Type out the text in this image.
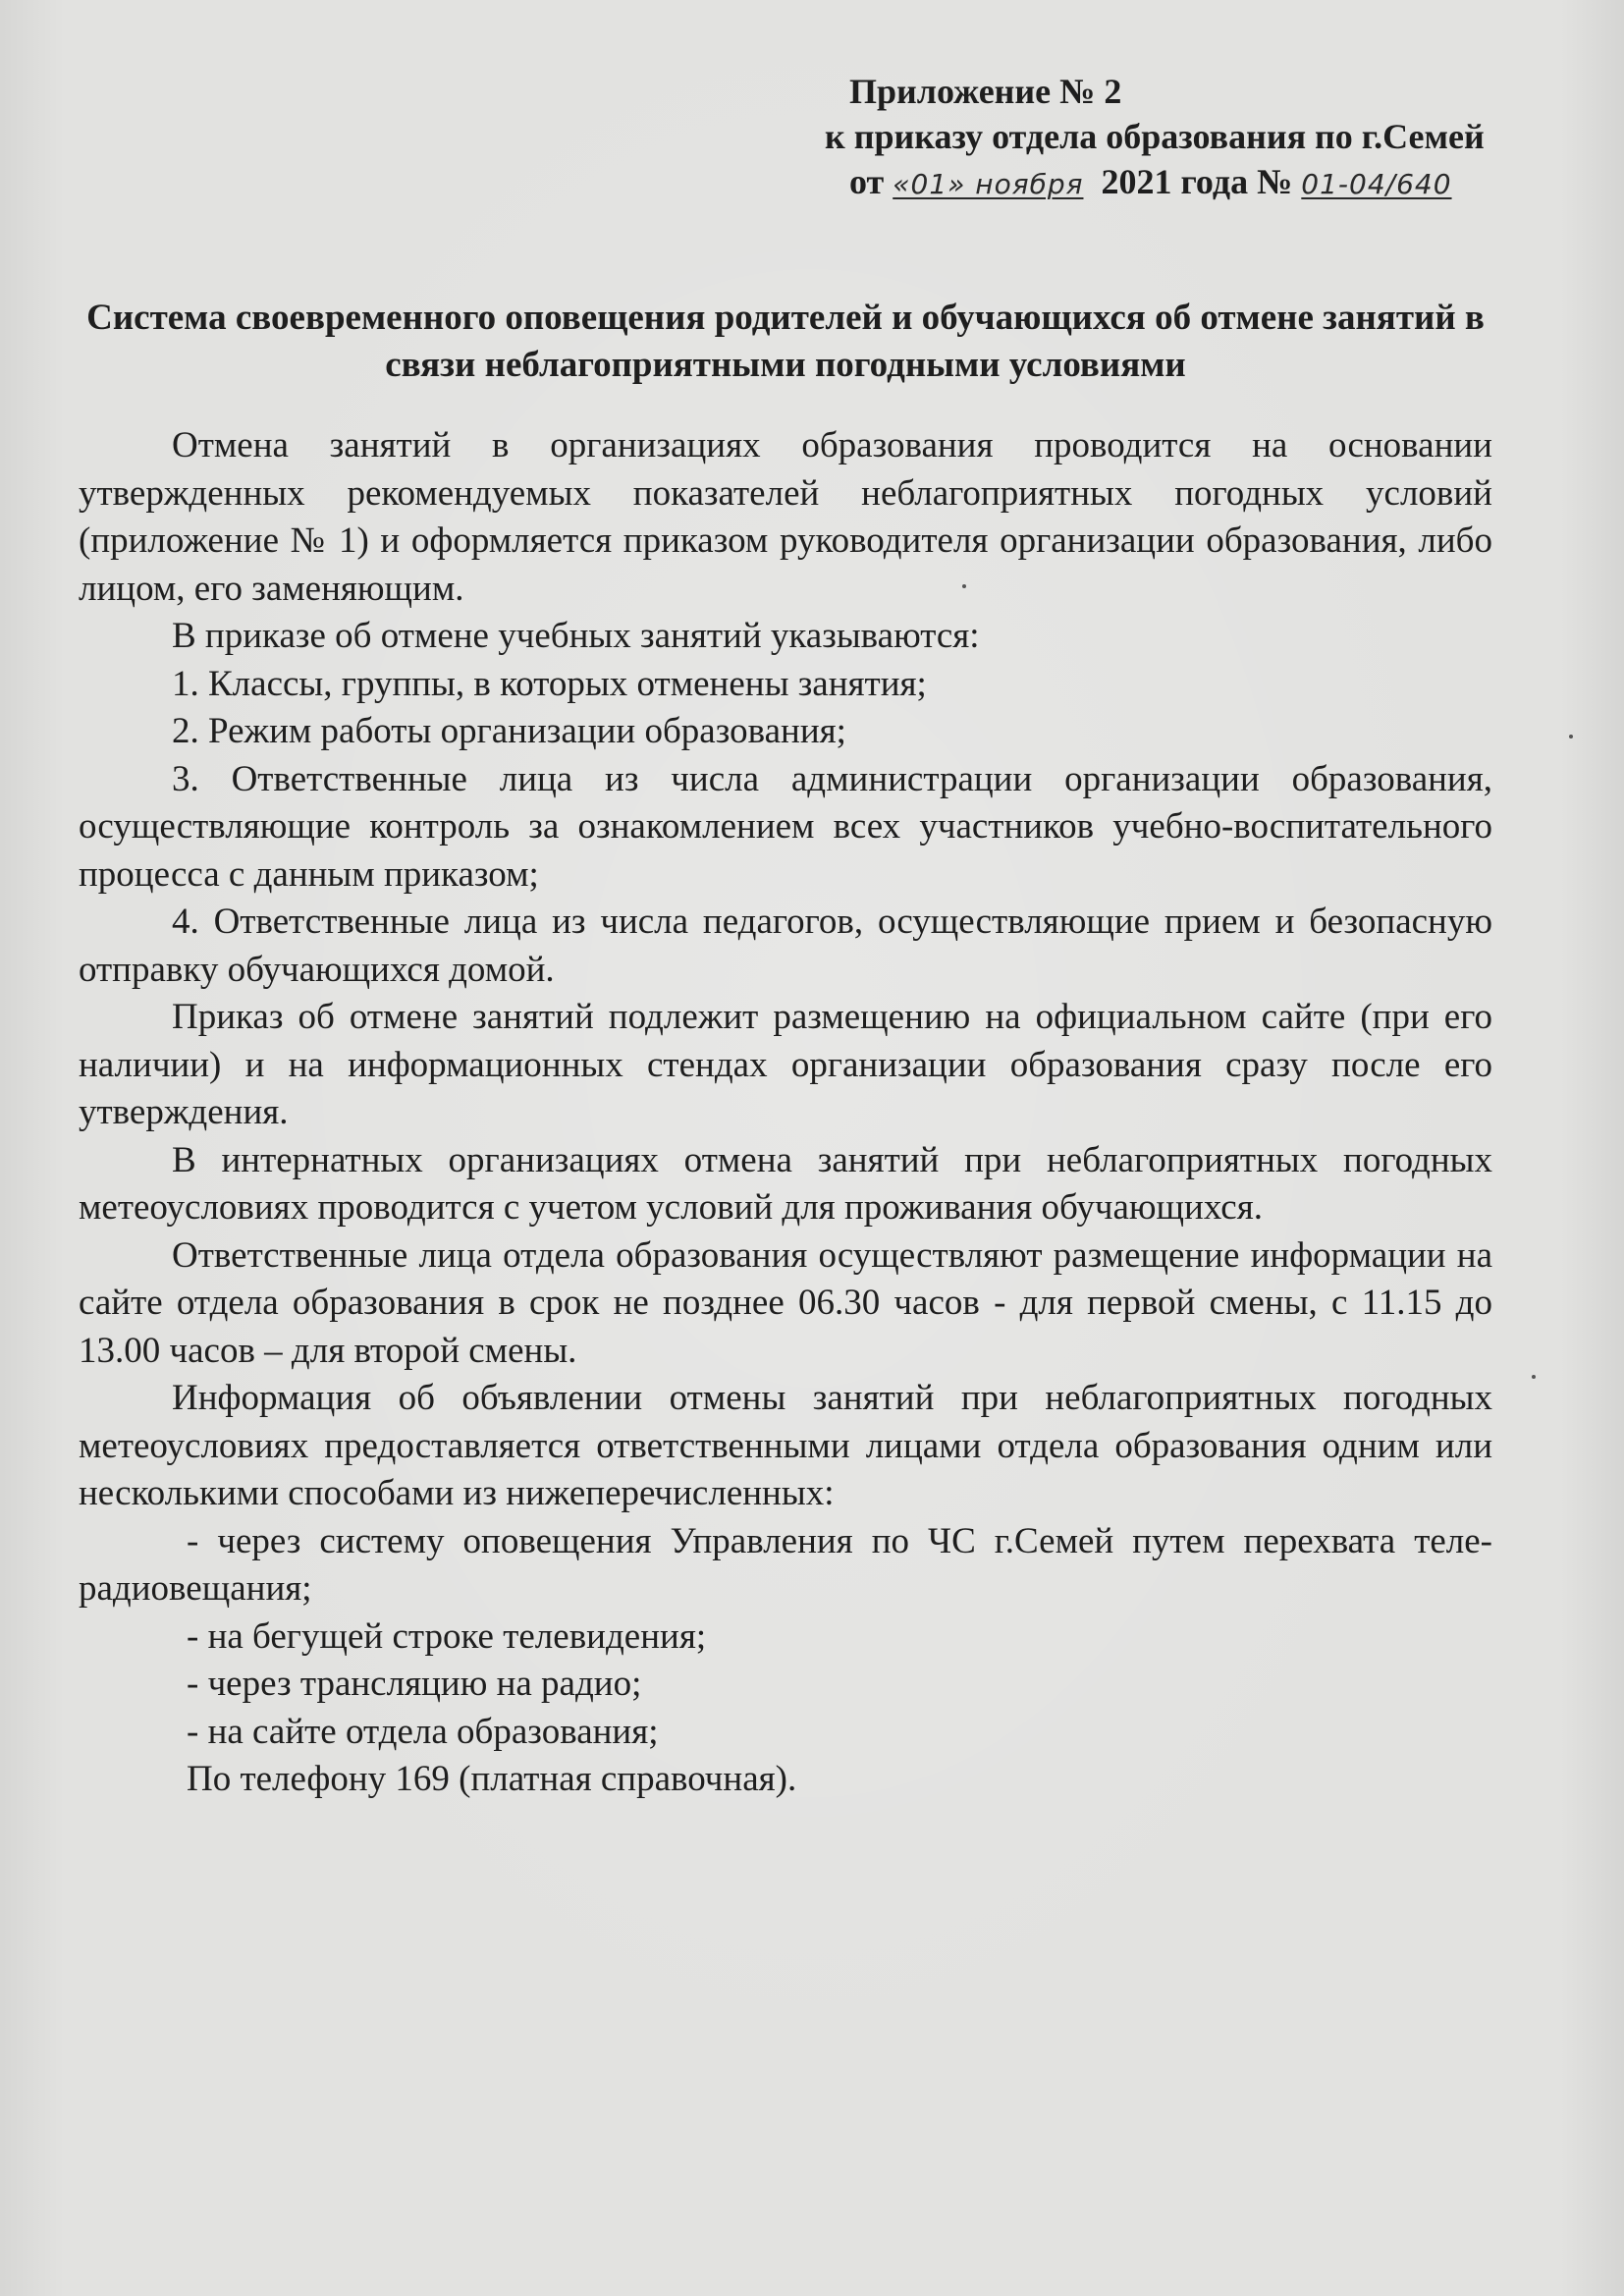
Приложение № 2
к приказу отдела образования по г.Семей
от «01» ноября  2021 года № 01-04/640
Система своевременного оповещения родителей и обучающихся об отмене занятий в связи неблагоприятными погодными условиями

Отмена занятий в организациях образования проводится на основании утвержденных рекомендуемых показателей неблагоприятных погодных условий (приложение № 1) и оформляется приказом руководителя организации образования, либо лицом, его заменяющим.

В приказе об отмене учебных занятий указываются:

1. Классы, группы, в которых отменены занятия;

2. Режим работы организации образования;

3. Ответственные лица из числа администрации организации образования, осуществляющие контроль за ознакомлением всех участников учебно-воспитательного процесса с данным приказом;

4. Ответственные лица из числа педагогов, осуществляющие прием и безопасную отправку обучающихся домой.

Приказ об отмене занятий подлежит размещению на официальном сайте (при его наличии) и на информационных стендах организации образования сразу после его утверждения.

В интернатных организациях отмена занятий при неблагоприятных погодных метеоусловиях проводится с учетом условий для проживания обучающихся.

Ответственные лица отдела образования осуществляют размещение информации на сайте отдела образования в срок не позднее 06.30 часов - для первой смены, с 11.15 до 13.00 часов – для второй смены.

Информация об объявлении отмены занятий при неблагоприятных погодных метеоусловиях предоставляется ответственными лицами отдела образования одним или несколькими способами из нижеперечисленных:

- через систему оповещения Управления по ЧС г.Семей путем перехвата теле-радиовещания;

- на бегущей строке телевидения;

- через трансляцию на радио;

- на сайте отдела образования;

По телефону 169 (платная справочная).
